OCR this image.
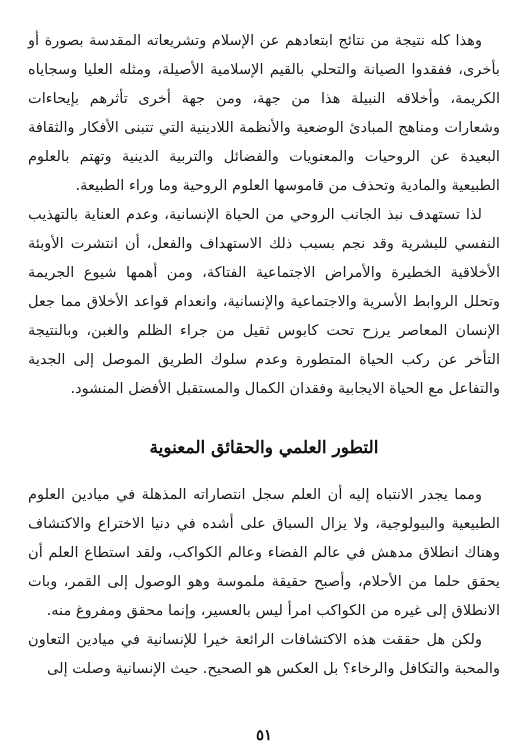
وهذا كله نتيجة من نتائج ابتعادهم عن الإسلام وتشريعاته المقدسة بصورة أو بأخرى، ففقدوا الصيانة والتحلي بالقيم الإسلامية الأصيلة، ومثله العليا وسجاياه الكريمة، وأخلاقه النبيلة هذا من جهة، ومن جهة أخرى تأثرهم بإيحاءات وشعارات ومناهج المبادئ الوضعية والأنظمة اللادينية التي تتبنى الأفكار والثقافة البعيدة عن الروحيات والمعنويات والفضائل والتربية الدينية وتهتم بالعلوم الطبيعية والمادية وتحذف من قاموسها العلوم الروحية وما وراء الطبيعة.

لذا تستهدف نبذ الجانب الروحي من الحياة الإنسانية، وعدم العناية بالتهذيب النفسي للبشرية وقد نجم بسبب ذلك الاستهداف والفعل، أن انتشرت الأوبئة الأخلاقية الخطيرة والأمراض الاجتماعية الفتاكة، ومن أهمها شيوع الجريمة وتحلل الروابط الأسرية والاجتماعية والإنسانية، وانعدام قواعد الأخلاق مما جعل الإنسان المعاصر يرزح تحت كابوس ثقيل من جراء الظلم والغبن، وبالنتيجة التأخر عن ركب الحياة المتطورة وعدم سلوك الطريق الموصل إلى الجدية والتفاعل مع الحياة الايجابية وفقدان الكمال والمستقبل الأفضل المنشود.

التطور العلمي والحقائق المعنوية

ومما يجدر الانتباه إليه أن العلم سجل انتصاراته المذهلة في ميادين العلوم الطبيعية والبيولوجية، ولا يزال السباق على أشده في دنيا الاختراع والاكتشاف وهناك انطلاق مدهش في عالم الفضاء وعالم الكواكب، ولقد استطاع العلم أن يحقق حلما من الأحلام، وأصبح حقيقة ملموسة وهو الوصول إلى القمر، وبات الانطلاق إلى غيره من الكواكب امرأ ليس بالعسير، وإنما محقق ومفروغ منه.

ولكن هل حققت هذه الاكتشافات الرائعة خيرا للإنسانية في ميادين التعاون والمحبة والتكافل والرخاء؟ بل العكس هو الصحيح. حيث الإنسانية وصلت إلى

٥١
